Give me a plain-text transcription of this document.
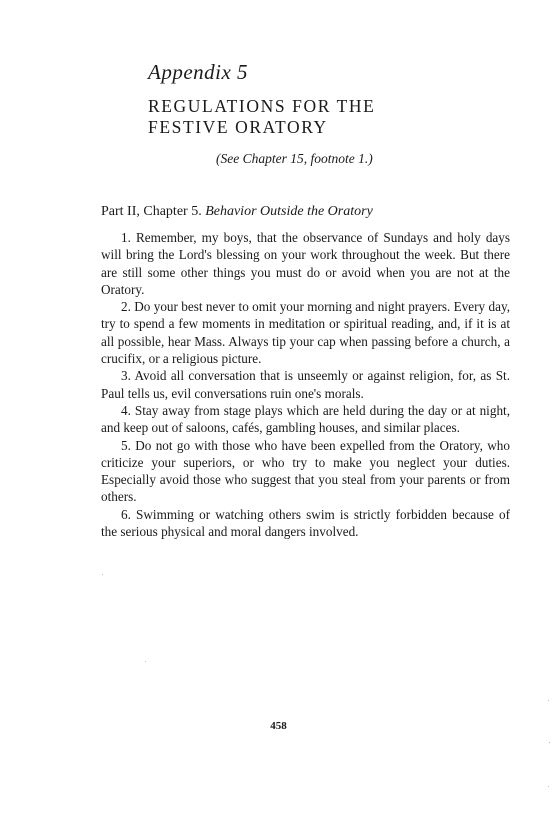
Appendix 5
REGULATIONS FOR THE
FESTIVE ORATORY
(See Chapter 15, footnote 1.)
Part II, Chapter 5. Behavior Outside the Oratory

1. Remember, my boys, that the observance of Sundays and holy days will bring the Lord's blessing on your work throughout the week. But there are still some other things you must do or avoid when you are not at the Oratory.

2. Do your best never to omit your morning and night prayers. Every day, try to spend a few moments in meditation or spiritual reading, and, if it is at all possible, hear Mass. Always tip your cap when passing before a church, a crucifix, or a religious picture.

3. Avoid all conversation that is unseemly or against religion, for, as St. Paul tells us, evil conversations ruin one's morals.

4. Stay away from stage plays which are held during the day or at night, and keep out of saloons, cafés, gambling houses, and similar places.

5. Do not go with those who have been expelled from the Oratory, who criticize your superiors, or who try to make you neglect your duties. Especially avoid those who suggest that you steal from your parents or from others.

6. Swimming or watching others swim is strictly forbidden because of the serious physical and moral dangers involved.

458
